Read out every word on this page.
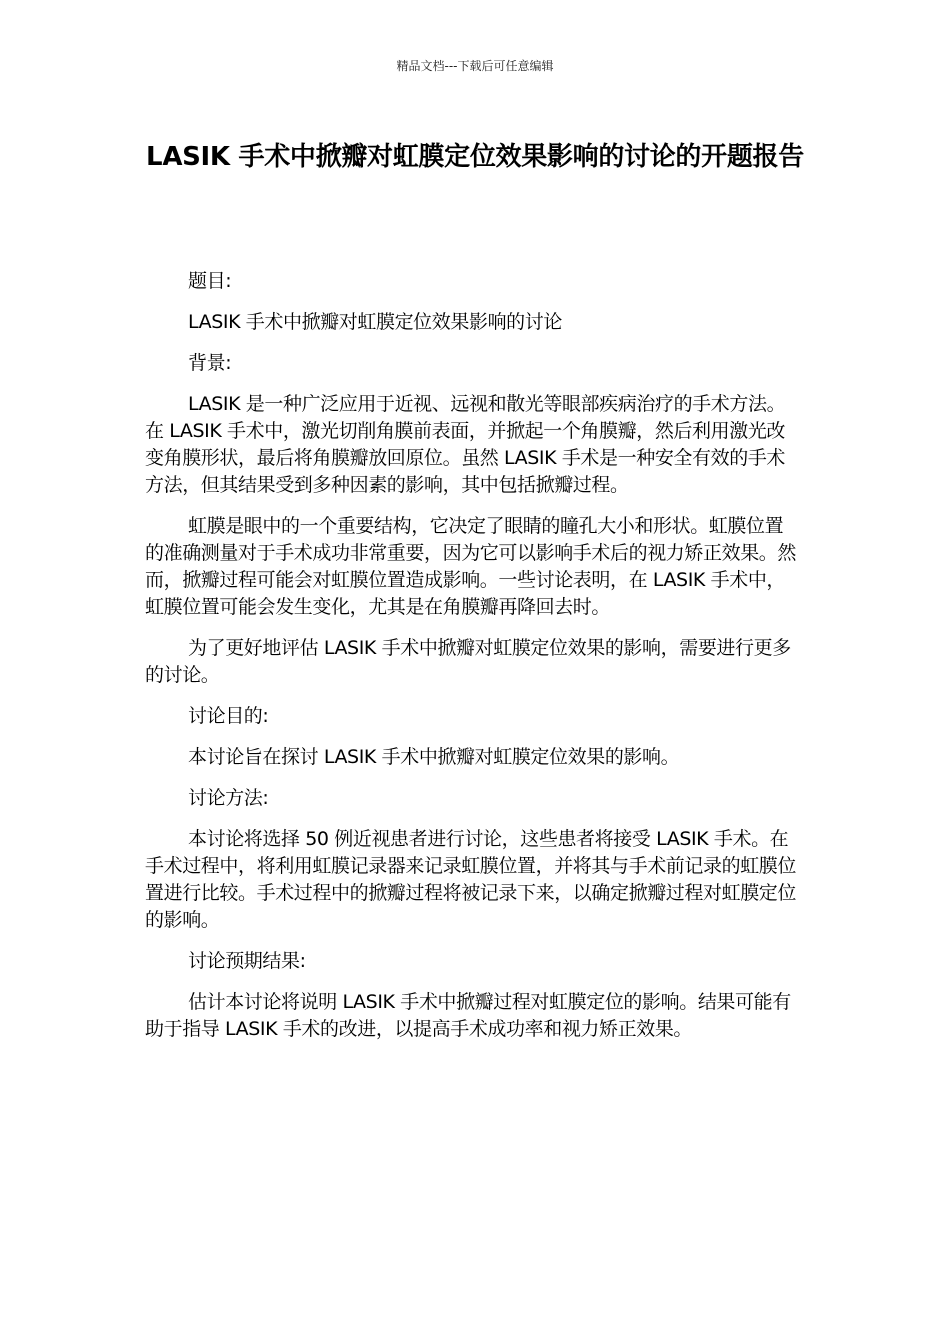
精品文档---下载后可任意编辑
LASIK 手术中掀瓣对虹膜定位效果影响的讨论的开题报告

题目:

LASIK 手术中掀瓣对虹膜定位效果影响的讨论

背景:

LASIK 是一种广泛应用于近视、远视和散光等眼部疾病治疗的手术方法。在 LASIK 手术中，激光切削角膜前表面，并掀起一个角膜瓣，然后利用激光改变角膜形状，最后将角膜瓣放回原位。虽然 LASIK 手术是一种安全有效的手术方法，但其结果受到多种因素的影响，其中包括掀瓣过程。

虹膜是眼中的一个重要结构，它决定了眼睛的瞳孔大小和形状。虹膜位置的准确测量对于手术成功非常重要，因为它可以影响手术后的视力矫正效果。然而，掀瓣过程可能会对虹膜位置造成影响。一些讨论表明，在 LASIK 手术中，虹膜位置可能会发生变化，尤其是在角膜瓣再降回去时。

为了更好地评估 LASIK 手术中掀瓣对虹膜定位效果的影响，需要进行更多的讨论。

讨论目的:

本讨论旨在探讨 LASIK 手术中掀瓣对虹膜定位效果的影响。

讨论方法:

本讨论将选择 50 例近视患者进行讨论，这些患者将接受 LASIK 手术。在手术过程中，将利用虹膜记录器来记录虹膜位置，并将其与手术前记录的虹膜位置进行比较。手术过程中的掀瓣过程将被记录下来，以确定掀瓣过程对虹膜定位的影响。

讨论预期结果:

估计本讨论将说明 LASIK 手术中掀瓣过程对虹膜定位的影响。结果可能有助于指导 LASIK 手术的改进，以提高手术成功率和视力矫正效果。
